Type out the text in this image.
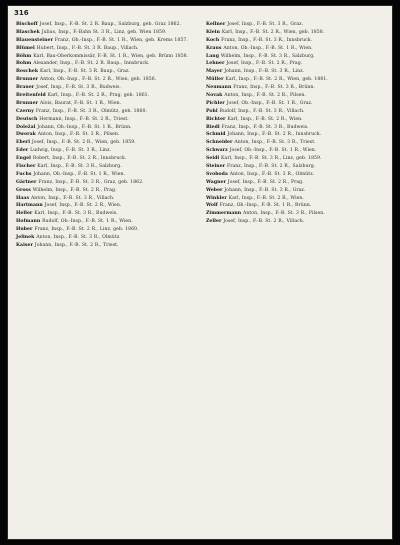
316

Bischoff Josef, Insp., F.-B. St. 2 R. Baup., Salzburg, geb. Graz 1862.

Blaschek Julius, Insp., F.-Bahn St. 3 R., Linz, geb. Wien 1859.

Blauensteiner Franz, Ob.-Insp., F.-B. St. 1 R., Wien, geb. Krems 1857.

Blümel Hubert, Insp., F.-B. St. 3 R. Baup., Villach.

Böhm Karl, Bau-Oberkommissär, F.-B. St. 1 R., Wien, geb. Brünn 1858.

Bohm Alexander, Insp., F.-B. St. 2 R. Baup., Innsbruck.

Boschek Karl, Insp., F.-B. St. 3 R. Baup., Graz.

Brunner Anton, Ob.-Insp., F.-B. St. 2 R., Wien, geb. 1856.

Brauer Josef, Insp., F.-B. St. 3 R., Budweis.

Breitenfeld Karl, Insp., F.-B. St. 2 R., Prag, geb. 1861.

Brunner Alois, Baurat, F.-B. St. 1 R., Wien.

Czerny Franz, Insp., F.-B. St. 3 R., Olmütz, geb. 1860.

Deutsch Hermann, Insp., F.-B. St. 2 R., Triest.

Doležal Johann, Ob.-Insp., F.-B. St. 1 R., Brünn.

Dworak Anton, Insp., F.-B. St. 3 R., Pilsen.

Eberl Josef, Insp., F.-B. St. 2 R., Wien, geb. 1859.

Eder Ludwig, Insp., F.-B. St. 3 R., Linz.

Engel Robert, Insp., F.-B. St. 2 R., Innsbruck.

Fischer Karl, Insp., F.-B. St. 3 R., Salzburg.

Fuchs Johann, Ob.-Insp., F.-B. St. 1 R., Wien.

Gärtner Franz, Insp., F.-B. St. 3 R., Graz, geb. 1862.

Gross Wilhelm, Insp., F.-B. St. 2 R., Prag.

Haas Anton, Insp., F.-B. St. 3 R., Villach.

Hartmann Josef, Insp., F.-B. St. 2 R., Wien.

Heller Karl, Insp., F.-B. St. 3 R., Budweis.

Hofmann Rudolf, Ob.-Insp., F.-B. St. 1 R., Wien.

Huber Franz, Insp., F.-B. St. 2 R., Linz, geb. 1860.

Jelinek Anton, Insp., F.-B. St. 3 R., Olmütz.

Kaiser Johann, Insp., F.-B. St. 2 R., Triest.

Kellner Josef, Insp., F.-B. St. 3 R., Graz.

Klein Karl, Insp., F.-B. St. 2 R., Wien, geb. 1858.

Koch Franz, Insp., F.-B. St. 3 R., Innsbruck.

Kraus Anton, Ob.-Insp., F.-B. St. 1 R., Wien.

Lang Wilhelm, Insp., F.-B. St. 3 R., Salzburg.

Lehner Josef, Insp., F.-B. St. 2 R., Prag.

Mayer Johann, Insp., F.-B. St. 3 R., Linz.

Müller Karl, Insp., F.-B. St. 2 R., Wien, geb. 1861.

Neumann Franz, Insp., F.-B. St. 3 R., Brünn.

Novak Anton, Insp., F.-B. St. 2 R., Pilsen.

Pichler Josef, Ob.-Insp., F.-B. St. 1 R., Graz.

Pohl Rudolf, Insp., F.-B. St. 3 R., Villach.

Richter Karl, Insp., F.-B. St. 2 R., Wien.

Riedl Franz, Insp., F.-B. St. 3 R., Budweis.

Schmid Johann, Insp., F.-B. St. 2 R., Innsbruck.

Schneider Anton, Insp., F.-B. St. 3 R., Triest.

Schwarz Josef, Ob.-Insp., F.-B. St. 1 R., Wien.

Seidl Karl, Insp., F.-B. St. 3 R., Linz, geb. 1859.

Steiner Franz, Insp., F.-B. St. 2 R., Salzburg.

Svoboda Anton, Insp., F.-B. St. 3 R., Olmütz.

Wagner Josef, Insp., F.-B. St. 2 R., Prag.

Weber Johann, Insp., F.-B. St. 3 R., Graz.

Winkler Karl, Insp., F.-B. St. 2 R., Wien.

Wolf Franz, Ob.-Insp., F.-B. St. 1 R., Brünn.

Zimmermann Anton, Insp., F.-B. St. 3 R., Pilsen.

Zeller Josef, Insp., F.-B. St. 2 R., Villach.
